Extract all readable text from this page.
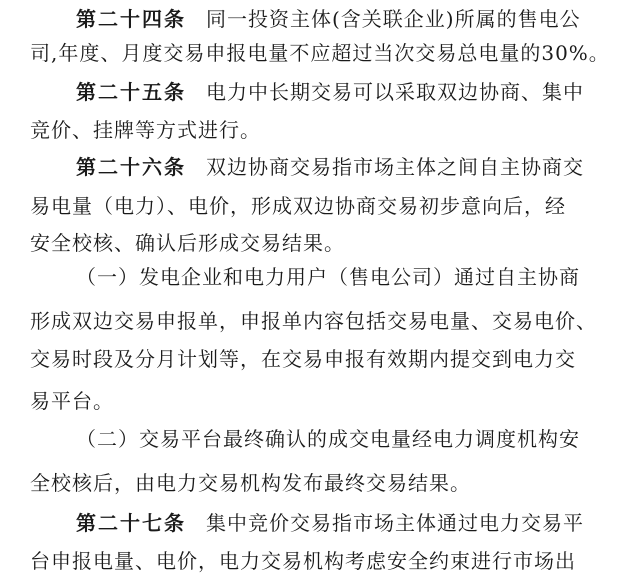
第二十四条 同一投资主体(含关联企业)所属的售电公
司,年度、月度交易申报电量不应超过当次交易总电量的30%。
第二十五条 电力中长期交易可以采取双边协商、集中
竞价、挂牌等方式进行。
第二十六条 双边协商交易指市场主体之间自主协商交
易电量（电力）、电价，形成双边协商交易初步意向后，经
安全校核、确认后形成交易结果。
（一）发电企业和电力用户（售电公司）通过自主协商
形成双边交易申报单，申报单内容包括交易电量、交易电价、
交易时段及分月计划等，在交易申报有效期内提交到电力交
易平台。
（二）交易平台最终确认的成交电量经电力调度机构安
全校核后，由电力交易机构发布最终交易结果。
第二十七条 集中竞价交易指市场主体通过电力交易平
台申报电量、电价，电力交易机构考虑安全约束进行市场出
